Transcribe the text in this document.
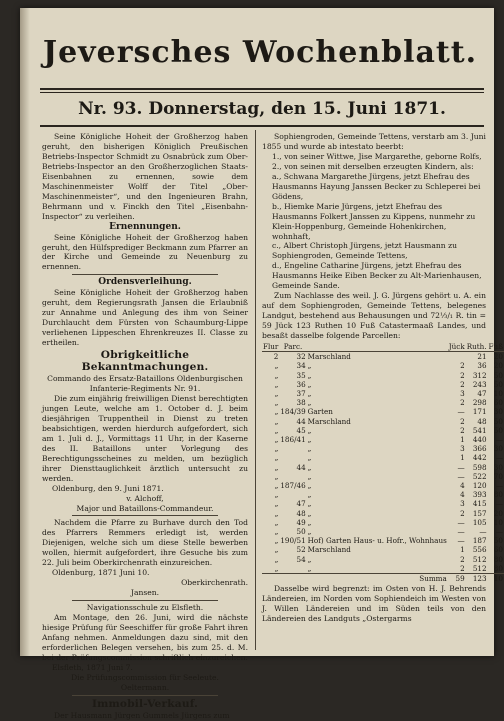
Jeversches Wochenblatt.
Nr. 93. Donnerstag, den 15. Juni 1871.

Seine Königliche Hoheit der Großherzog haben geruht, den bisherigen Königlich Preußischen Betriebs-Inspector Schmidt zu Osnabrück zum Ober-Betriebs-Inspector an den Großherzoglichen Staats-Eisenbahnen zu ernennen, sowie dem Maschinenmeister Wolff der Titel „Ober-Maschinenmeister“, und den Ingenieuren Brahn, Behrmann und v. Finckh den Titel „Eisenbahn-Inspector“ zu verleihen.

Ernennungen.

Seine Königliche Hoheit der Großherzog haben geruht, den Hülfsprediger Beckmann zum Pfarrer an der Kirche und Gemeinde zu Neuenburg zu ernennen.

Ordensverleihung.

Seine Königliche Hoheit der Großherzog haben geruht, dem Regierungsrath Jansen die Erlaubniß zur Annahme und Anlegung des ihm von Seiner Durchlaucht dem Fürsten von Schaumburg-Lippe verliehenen Lippeschen Ehrenkreuzes II. Classe zu ertheilen.

Obrigkeitliche Bekanntmachungen.

Commando des Ersatz-Bataillons Oldenburgischen Infanterie-Regiments Nr. 91.

Die zum einjährig freiwilligen Dienst berechtigten jungen Leute, welche am 1. October d. J. beim diesjährigen Truppentheil in Dienst zu treten beabsichtigen, werden hierdurch aufgefordert, sich am 1. Juli d. J., Vormittags 11 Uhr, in der Kaserne des II. Bataillons unter Vorlegung des Berechtigungsscheines zu melden, um bezüglich ihrer Diensttauglichkeit ärztlich untersucht zu werden.

Oldenburg, den 9. Juni 1871.

v. Alchoff,

Major und Bataillons-Commandeur.

Nachdem die Pfarre zu Burhave durch den Tod des Pfarrers Remmers erledigt ist, werden Diejenigen, welche sich um diese Stelle bewerben wollen, hiermit aufgefordert, ihre Gesuche bis zum 22. Juli beim Oberkirchenrath einzureichen.

Oldenburg, 1871 Juni 10.

Oberkirchenrath.

Jansen.

Navigationsschule zu Elsfleth.

Am Montage, den 26. Juni, wird die nächste hiesige Prüfung für Seeschiffer für große Fahrt ihren Anfang nehmen. Anmeldungen dazu sind, mit den erforderlichen Belegen versehen, bis zum 25. d. M. bei der Prüfungscommission schriftlich einzureichen.

Elsfleth, 1871 Juni 7.

Die Prüfungscommission für Seeleute.

Oeltermann.

Immobil-Verkauf.

Der Hausmann Jürgen Gummels Jürgens zum

Sophiengroden, Gemeinde Tettens, verstarb am 3. Juni 1855 und wurde ab intestato beerbt:

1., von seiner Wittwe, Jise Margarethe, geborne Rolfs,

2., von seinen mit derselben erzeugten Kindern, als:

a., Schwana Margarethe Jürgens, jetzt Ehefrau des Hausmanns Hayung Janssen Becker zu Schleperei bei Gödens,

b., Hiemke Marie Jürgens, jetzt Ehefrau des Hausmanns Folkert Janssen zu Kippens, nunmehr zu Klein-Hoppenburg, Gemeinde Hohenkirchen, wohnhaft,

c., Albert Christoph Jürgens, jetzt Hausmann zu Sophiengroden, Gemeinde Tettens,

d., Engeline Catharine Jürgens, jetzt Ehefrau des Hausmanns Heike Eiben Becker zu Alt-Marienhausen, Gemeinde Sande.

Zum Nachlasse des weil. J. G. Jürgens gehört u. A. ein auf dem Sophiengroden, Gemeinde Tettens, belegenes Landgut, bestehend aus Behausungen und 72⅓/₁ R. tin = 59 Jück 123 Ruthen 10 Fuß Catastermaaß Landes, und besaßt dasselbe folgende Parcellen:

Flur	Parc.		Jück	Ruth.	Fuß
2	32	Marschland		21	20
„	34	„	2	36	20
„	35	„	2	312	50
„	36	„	2	243	50
„	37	„	3	47	10
„	38	„	2	298	60
„	184/39	Garten	—	171	30
„	44	Marschland	2	48	50
„	45	„	2	541	50
„	186/41	„	1	440	—
„		„	3	366	30
„		„	1	442	—
„	44	„	—	598	30
„		„	—	522	70
„	187/46	„	4	120	—
„		„	4	393	80
„	47	„	3	415	—
„	48	„	2	157	20
„	49	„	—	105	10
„	50	„	—	—	—
„	190/51	Hof) Garten Haus- u. Hofr., Wohnhaus	—	187	50
„	52	Marschland	1	556	60
„	54	„	2	512	80
„		„	2	512	80
		Summa	59	123	10

Dasselbe wird begrenzt: im Osten von H. J. Behrends Ländereien, im Norden vom Sophiendeich im Westen von J. Willen Ländereien und im Süden teils von den Ländereien des Landguts „Ostergarms
